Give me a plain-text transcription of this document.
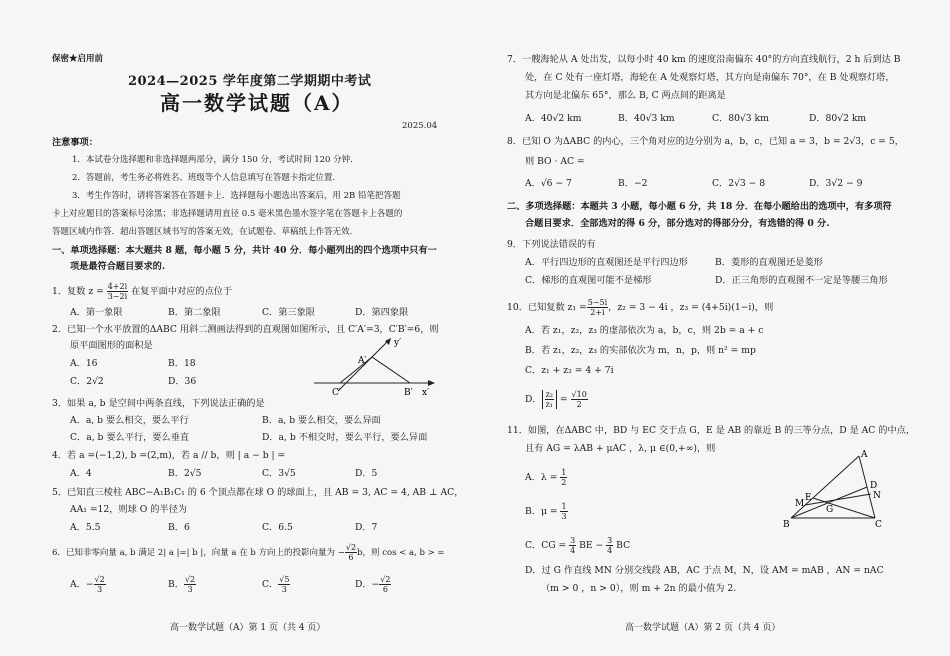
保密★启用前
2024—2025 学年度第二学期期中考试
高一数学试题（A）
2025.04
注意事项：
1．本试卷分选择题和非选择题两部分，满分 150 分，考试时间 120 分钟.
2．答题前，考生务必将姓名、班级等个人信息填写在答题卡指定位置.
3．考生作答时，请将答案答在答题卡上．选择题每小题选出答案后，用 2B 铅笔把答题
卡上对应题目的答案标号涂黑；非选择题请用直径 0.5 毫米黑色墨水签字笔在答题卡上各题的
答题区域内作答．超出答题区域书写的答案无效，在试题卷、草稿纸上作答无效.
一、单项选择题：本大题共 8 题，每小题 5 分，共计 40 分．每小题列出的四个选项中只有一
项是最符合题目要求的.
1．复数 $z = \frac{4+2i}{3-2i}$ 在复平面中对应的点位于
A．第一象限	B．第二象限	C．第三象限	D．第四象限
2．已知一个水平放置的ΔABC 用斜二测画法得到的直观图如图所示，且 C′A′=3，C′B′=6，则
原平面图形的面积是
A．16	B．18
C．2√2	D．36
A′
C′	B′ x′
y′
3．如果 a, b 是空间中两条直线，下列说法正确的是
A．a, b 要么相交，要么平行	B．a, b 要么相交，要么异面
C．a, b 要么平行，要么垂直	D．a, b 不相交时，要么平行，要么异面
4．若 a =(−1,2), b =(2,m)，若 a // b，则 | a − b | =
A．4	B．2√5	C．3√5	D．5
5．已知直三棱柱 ABC−A₁B₁C₁ 的 6 个顶点都在球 O 的球面上，且 AB = 3, AC = 4, AB ⊥ AC，
AA₁ =12，则球 O 的半径为
A．5.5	B．6	C．6.5	D．7
6．已知非零向量 a, b 满足 2| a |=| b |，向量 a 在 b 方向上的投影向量为 − $\frac{√2}{6}$ b，则 cos < a, b > =
A．− $\frac{√2}{3}$	B． $\frac{√2}{3}$	C． $\frac{√5}{3}$	D．− $\frac{√2}{6}$
高一数学试题（A）第 1 页（共 4 页）
7．一艘海轮从 A 处出发，以每小时 40 km 的速度沿南偏东 40°的方向直线航行，2 h 后到达 B
处，在 C 处有一座灯塔，海轮在 A 处观察灯塔，其方向是南偏东 70°，在 B 处观察灯塔，
其方向是北偏东 65°，那么 B, C 两点间的距离是
A．40√2 km	B．40√3 km	C．80√3 km	D．80√2 km
8．已知 O 为ΔABC 的内心，三个角对应的边分别为 a，b，c，已知 a = 3，b = 2√3，c = 5，
则 BO · AC =
A．√6 − 7	B．−2	C．2√3 − 8	D．3√2 − 9
二、多项选择题：本题共 3 小题，每小题 6 分，共 18 分．在每小题给出的选项中，有多项符
合题目要求．全部选对的得 6 分，部分选对的得部分分，有选错的得 0 分.
9．下列说法错误的有
A．平行四边形的直观图还是平行四边形	B．菱形的直观图还是菱形
C．梯形的直观图可能不是梯形	D．正三角形的直观图不一定是等腰三角形
10．已知复数 $z_1 = \frac{5-5i}{2+i}$ ，z₂ = 3 − 4i ，z₃ = (4+5i)(1−i)，则
A．若 z₁，z₂，z₃ 的虚部依次为 a，b，c，则 2b = a + c
B．若 z₁，z₂，z₃ 的实部依次为 m，n，p，则 n² = mp
C．z₁ + z₂ = 4 + 7i
D． $\frac{\text{z₂}}{\text{z₁}} = \frac{√10}{2}$
11．如图，在ΔABC 中，BD 与 EC 交于点 G，E 是 AB 的靠近 B 的三等分点，D 是 AC 的中点，
且有 AG = λAB + μAC ，λ, μ ∈(0,+∞)，则
A．$\lambda = \frac{1}{2}$
B．$\mu = \frac{1}{3}$
C．CG = $\frac{3}{4}$ BE − $\frac{3}{4}$ BC
D．过 G 作直线 MN 分别交线段 AB，AC 于点 M，N，设 AM = mAB ，AN = nAC
（m > 0 ，n > 0），则 m + 2n 的最小值为 2.
A
B	C
D
E
G
M
N
高一数学试题（A）第 2 页（共 4 页）
